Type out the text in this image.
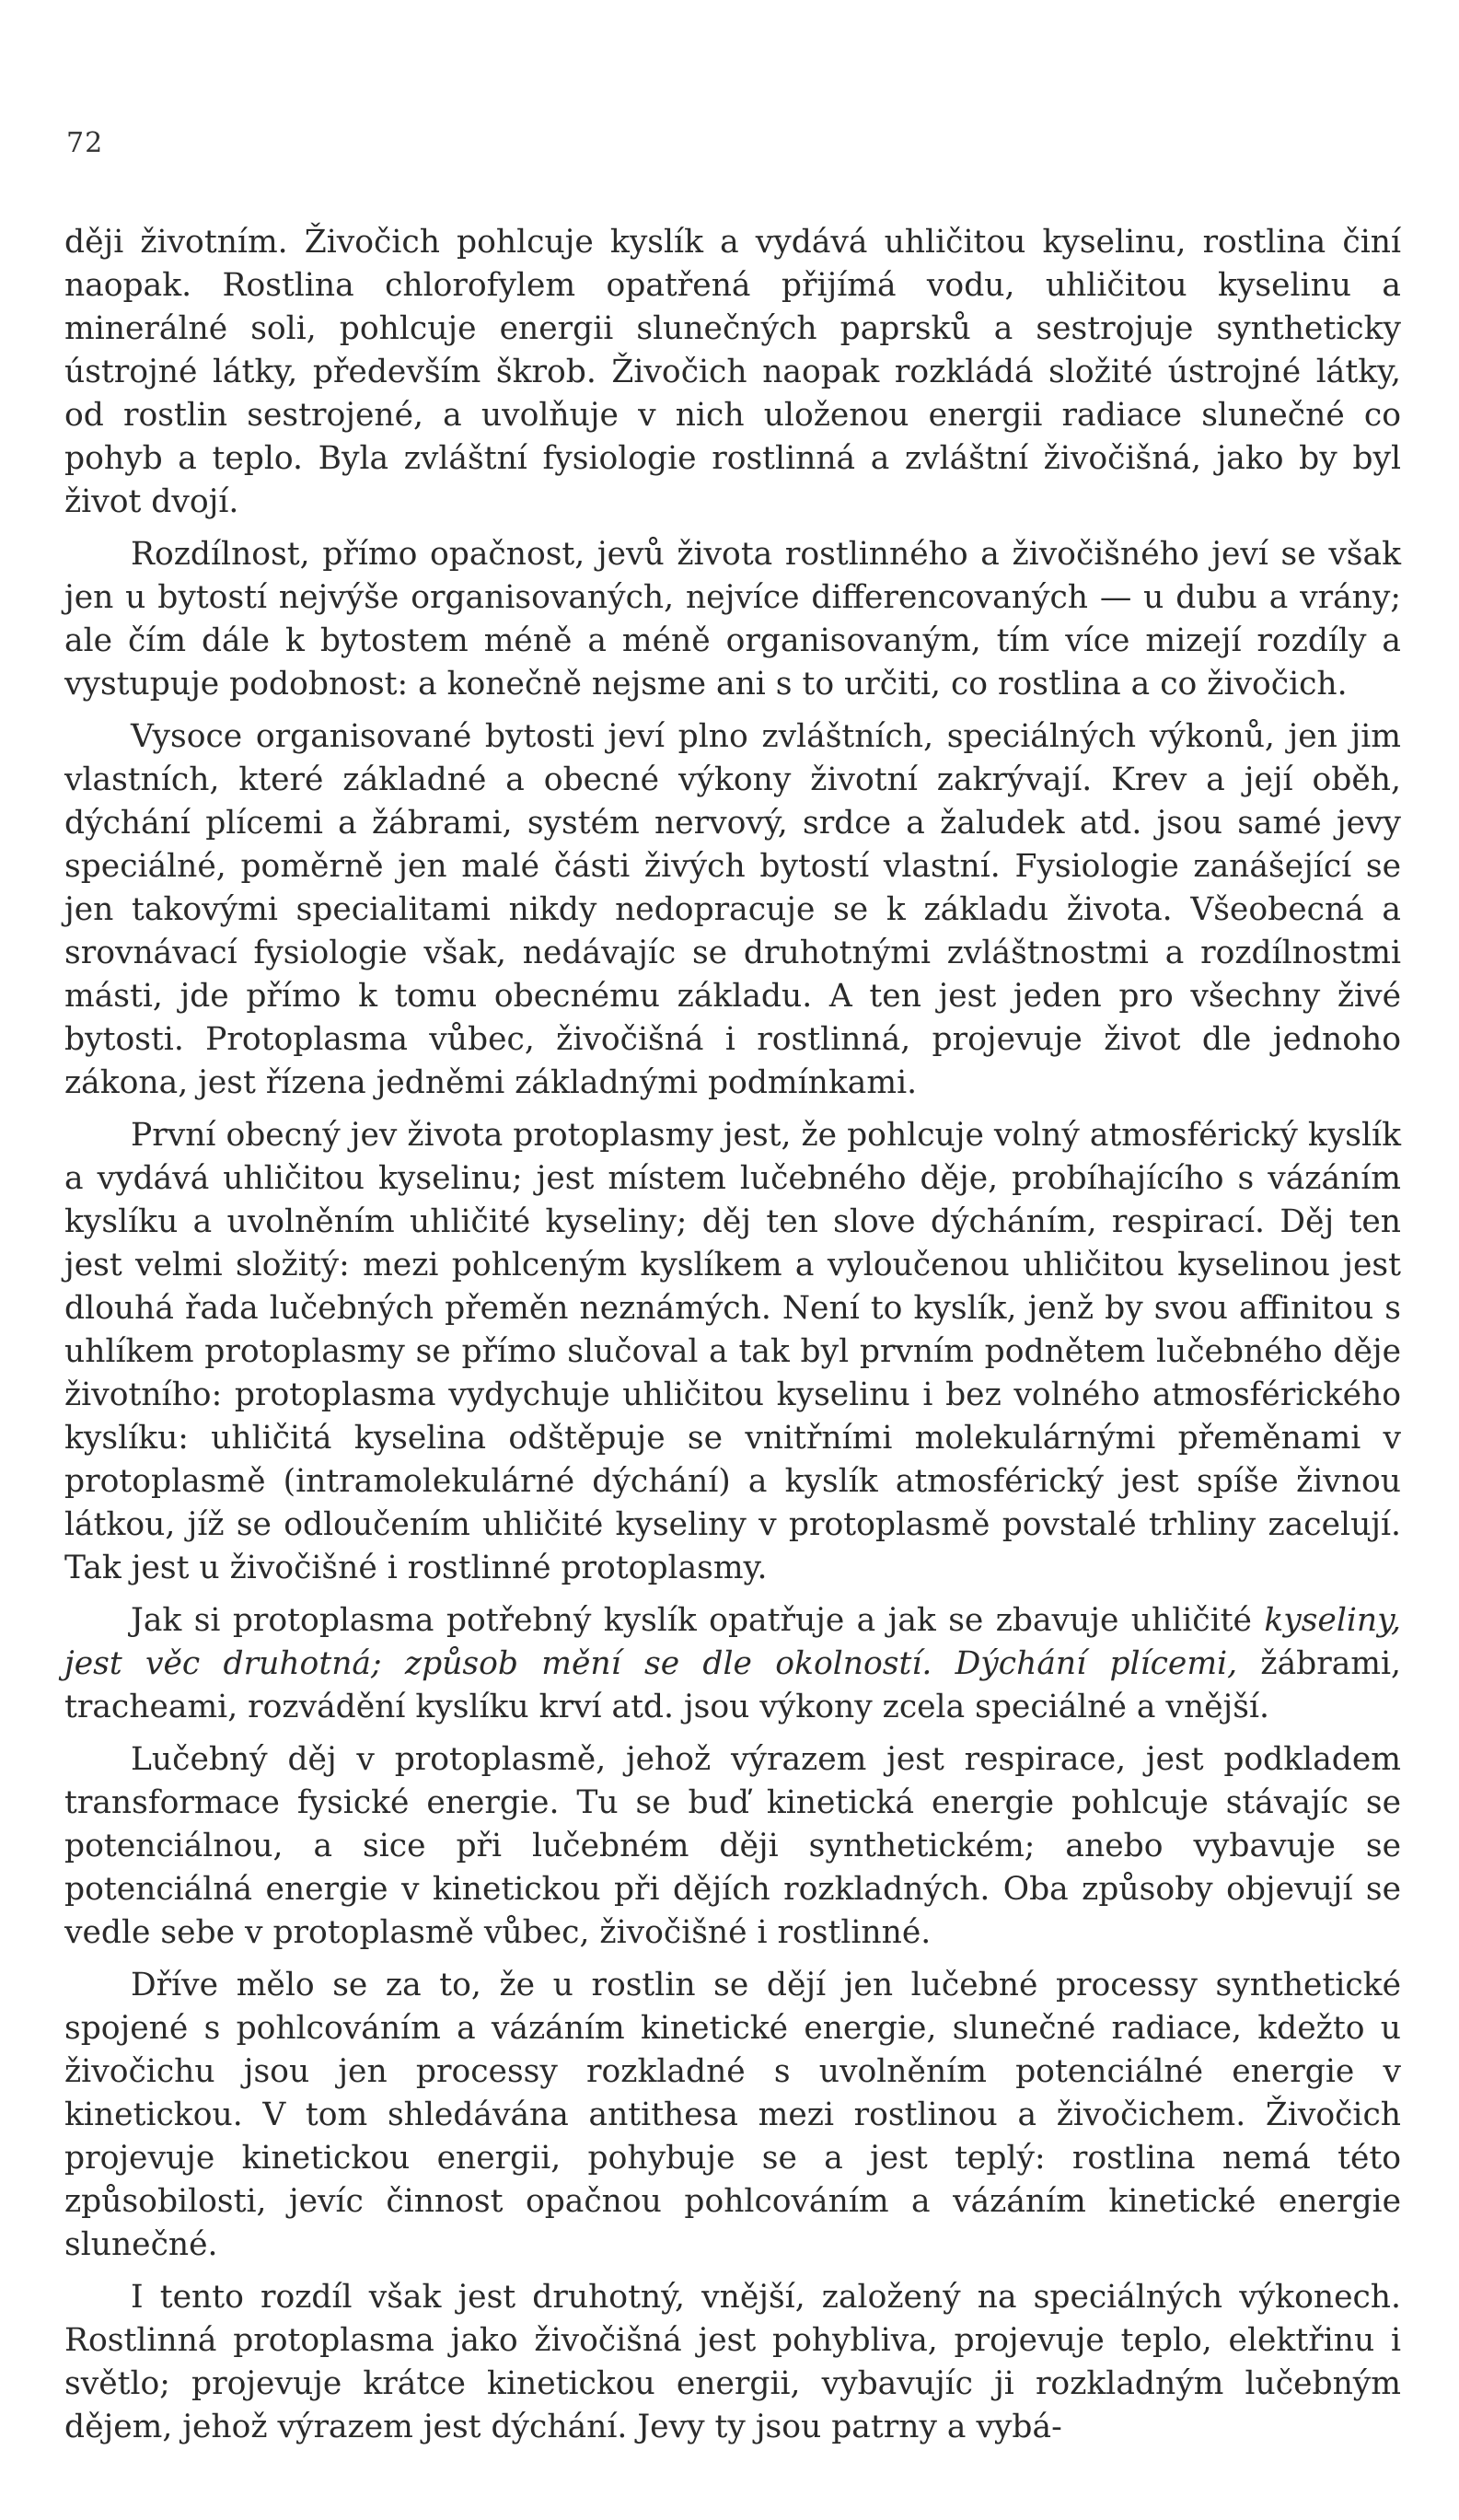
72

ději životním. Živočich pohlcuje kyslík a vydává uhličitou kyselinu, rostlina činí naopak. Rostlina chlorofylem opatřená přijímá vodu, uhličitou kyselinu a minerálné soli, pohlcuje energii slunečných paprsků a sestrojuje syntheticky ústrojné látky, především škrob. Živočich naopak rozkládá složité ústrojné látky, od rostlin sestrojené, a uvolňuje v nich uloženou energii radiace slunečné co pohyb a teplo. Byla zvláštní fysiologie rostlinná a zvláštní živočišná, jako by byl život dvojí.

Rozdílnost, přímo opačnost, jevů života rostlinného a živočišného jeví se však jen u bytostí nejvýše organisovaných, nejvíce differencovaných — u dubu a vrány; ale čím dále k bytostem méně a méně organisovaným, tím více mizejí rozdíly a vystupuje podobnost: a konečně nejsme ani s to určiti, co rostlina a co živočich.

Vysoce organisované bytosti jeví plno zvláštních, speciálných výkonů, jen jim vlastních, které základné a obecné výkony životní zakrývají. Krev a její oběh, dýchání plícemi a žábrami, systém nervový, srdce a žaludek atd. jsou samé jevy speciálné, poměrně jen malé části živých bytostí vlastní. Fysiologie zanášející se jen takovými specialitami nikdy nedopracuje se k základu života. Všeobecná a srovnávací fysiologie však, nedávajíc se druhotnými zvláštnostmi a rozdílnostmi másti, jde přímo k tomu obecnému základu. A ten jest jeden pro všechny živé bytosti. Protoplasma vůbec, živočišná i rostlinná, projevuje život dle jednoho zákona, jest řízena jedněmi základnými podmínkami.

První obecný jev života protoplasmy jest, že pohlcuje volný atmosférický kyslík a vydává uhličitou kyselinu; jest místem lučebného děje, probíhajícího s vázáním kyslíku a uvolněním uhličité kyseliny; děj ten slove dýcháním, respirací. Děj ten jest velmi složitý: mezi pohlceným kyslíkem a vyloučenou uhličitou kyselinou jest dlouhá řada lučebných přeměn neznámých. Není to kyslík, jenž by svou affinitou s uhlíkem protoplasmy se přímo slučoval a tak byl prvním podnětem lučebného děje životního: protoplasma vydychuje uhličitou kyselinu i bez volného atmosférického kyslíku: uhličitá kyselina odštěpuje se vnitřními molekulárnými přeměnami v protoplasmě (intramolekulárné dýchání) a kyslík atmosférický jest spíše živnou látkou, jíž se odloučením uhličité kyseliny v protoplasmě povstalé trhliny zacelují. Tak jest u živočišné i rostlinné protoplasmy.

Jak si protoplasma potřebný kyslík opatřuje a jak se zbavuje uhličité kyseliny, jest věc druhotná; způsob mění se dle okolností. Dýchání plícemi, žábrami, tracheami, rozvádění kyslíku krví atd. jsou výkony zcela speciálné a vnější.

Lučebný děj v protoplasmě, jehož výrazem jest respirace, jest podkladem transformace fysické energie. Tu se buď kinetická energie pohlcuje stávajíc se potenciálnou, a sice při lučebném ději synthetickém; anebo vybavuje se potenciálná energie v kinetickou při dějích rozkladných. Oba způsoby objevují se vedle sebe v protoplasmě vůbec, živočišné i rostlinné.

Dříve mělo se za to, že u rostlin se dějí jen lučebné processy synthetické spojené s pohlcováním a vázáním kinetické energie, slunečné radiace, kdežto u živočichu jsou jen processy rozkladné s uvolněním potenciálné energie v kinetickou. V tom shledávána antithesa mezi rostlinou a živočichem. Živočich projevuje kinetickou energii, pohybuje se a jest teplý: rostlina nemá této způsobilosti, jevíc činnost opačnou pohlcováním a vázáním kinetické energie slunečné.

I tento rozdíl však jest druhotný, vnější, založený na speciálných výkonech. Rostlinná protoplasma jako živočišná jest pohybliva, projevuje teplo, elektřinu i světlo; projevuje krátce kinetickou energii, vybavujíc ji rozkladným lučebným dějem, jehož výrazem jest dýchání. Jevy ty jsou patrny a vybá-
